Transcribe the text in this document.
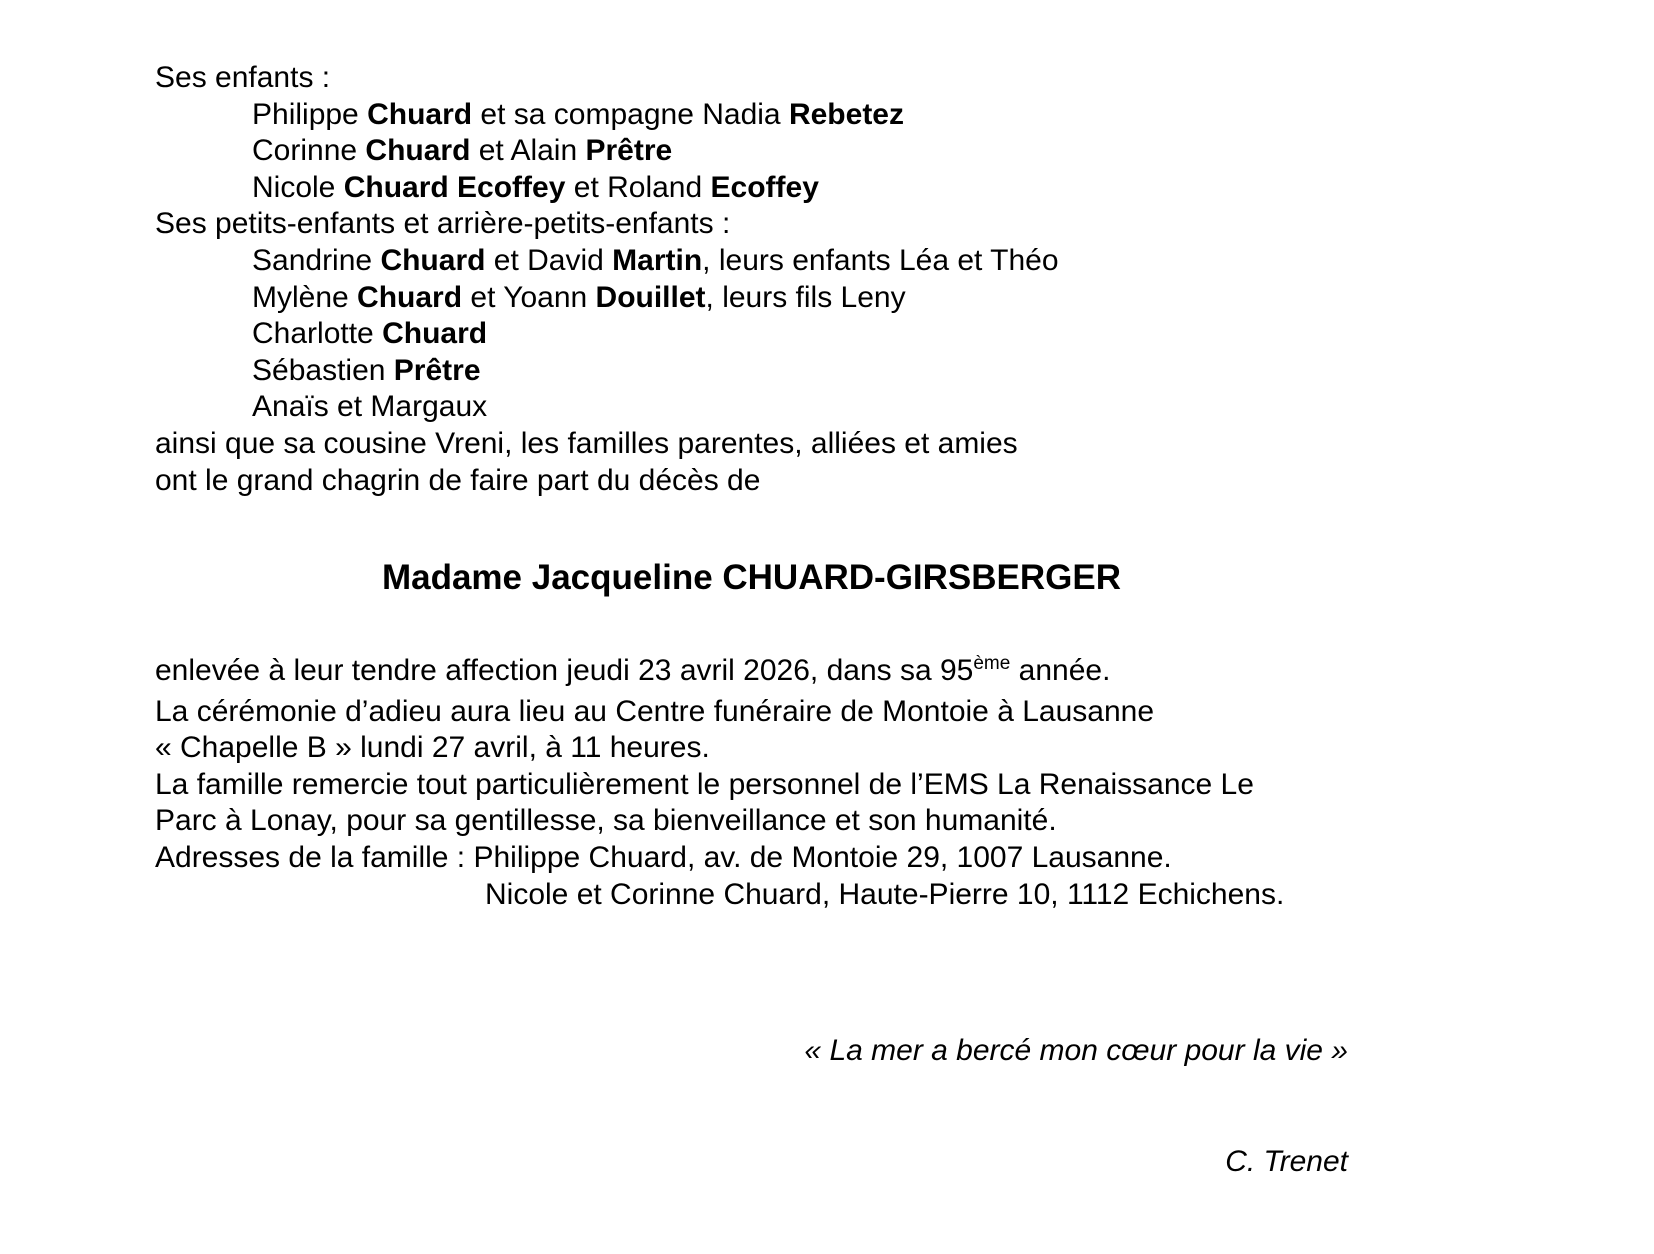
Ses enfants :
Philippe Chuard et sa compagne Nadia Rebetez
Corinne Chuard et Alain Prêtre
Nicole Chuard Ecoffey et Roland Ecoffey
Ses petits-enfants et arrière-petits-enfants :
Sandrine Chuard et David Martin, leurs enfants Léa et Théo
Mylène Chuard et Yoann Douillet, leurs fils Leny
Charlotte Chuard
Sébastien Prêtre
Anaïs et Margaux
ainsi que sa cousine Vreni, les familles parentes, alliées et amies
ont le grand chagrin de faire part du décès de
Madame Jacqueline CHUARD-GIRSBERGER
enlevée à leur tendre affection jeudi 23 avril 2026, dans sa 95ème année.
La cérémonie d’adieu aura lieu au Centre funéraire de Montoie à Lausanne
« Chapelle B » lundi 27 avril, à 11 heures.
La famille remercie tout particulièrement le personnel de l’EMS La Renaissance Le
Parc à Lonay, pour sa gentillesse, sa bienveillance et son humanité.
Adresses de la famille : Philippe Chuard, av. de Montoie 29, 1007 Lausanne.
Nicole et Corinne Chuard, Haute-Pierre 10, 1112 Echichens.

« La mer a bercé mon cœur pour la vie »

C. Trenet
